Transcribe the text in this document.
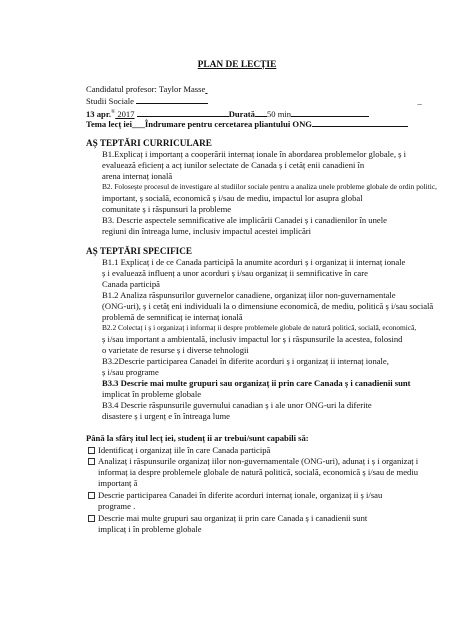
PLAN DE LECȚIE
Candidatul profesor: Taylor Masse
Studii Sociale	_
13 apr.® 2017	Durată 50 min
Tema lecț iei___Îndrumare pentru cercetarea pliantului ONG
AȘ TEPTĂRI CURRICULARE
B1.Explicaț i importanț a cooperării internaț ionale în abordarea problemelor globale, ș i
evaluează eficienț a acț iunilor selectate de Canada ș i cetăț enii canadieni în
arena internaț ională
B2. Folosește procesul de investigare al studiilor sociale pentru a analiza unele probleme globale de ordin politic,
important, ș socială, economică ș i/sau de mediu, impactul lor asupra global
comunitate ș i răspunsuri la probleme
B3. Descrie aspectele semnificative ale implicării Canadei ș i canadienilor în unele
regiuni din întreaga lume, inclusiv impactul acestei implicări
AȘ TEPTĂRI SPECIFICE
B1.1 Explicaț i de ce Canada participă la anumite acorduri ș i organizaț ii internaț ionale
ș i evaluează influenț a unor acorduri ș i/sau organizaț ii semnificative în care
Canada participă
B1.2 Analiza răspunsurilor guvernelor canadiene, organizaț iilor non-guvernamentale
(ONG-uri), ș i cetăț eni individuali la o dimensiune economică, de mediu, politică ș i/sau socială
problemă de semnificaț ie internaț ională
B2.2 Colectaț i ș i organizaț i informaț ii despre problemele globale de natură politică, socială, economică,
ș i/sau important a ambientală, inclusiv impactul lor ș i răspunsurile la acestea, folosind
o varietate de resurse ș i diverse tehnologii
B3.2Descrie participarea Canadei în diferite acorduri ș i organizaț ii internaț ionale,
ș i/sau programe
B3.3 Descrie mai multe grupuri sau organizaț ii prin care Canada ș i canadienii sunt
implicat în probleme globale
B3.4 Descrie răspunsurile guvernului canadian ș i ale unor ONG-uri la diferite
disastere ș i urgenț e în întreaga lume
Până la sfârș itul lecț iei, studenț ii ar trebui/sunt capabili să:
Identificaț i organizaț iile în care Canada participă
Analizaț i răspunsurile organizaț iilor non-guvernamentale (ONG-uri), adunaț i ș i organizaț i
informaț ia despre problemele globale de natură politică, socială, economică ș i/sau de mediu
importanț ă
Descrie participarea Canadei în diferite acorduri internaț ionale, organizaț ii ș i/sau
programe .
Descrie mai multe grupuri sau organizaț ii prin care Canada ș i canadienii sunt
implicaț i în probleme globale
